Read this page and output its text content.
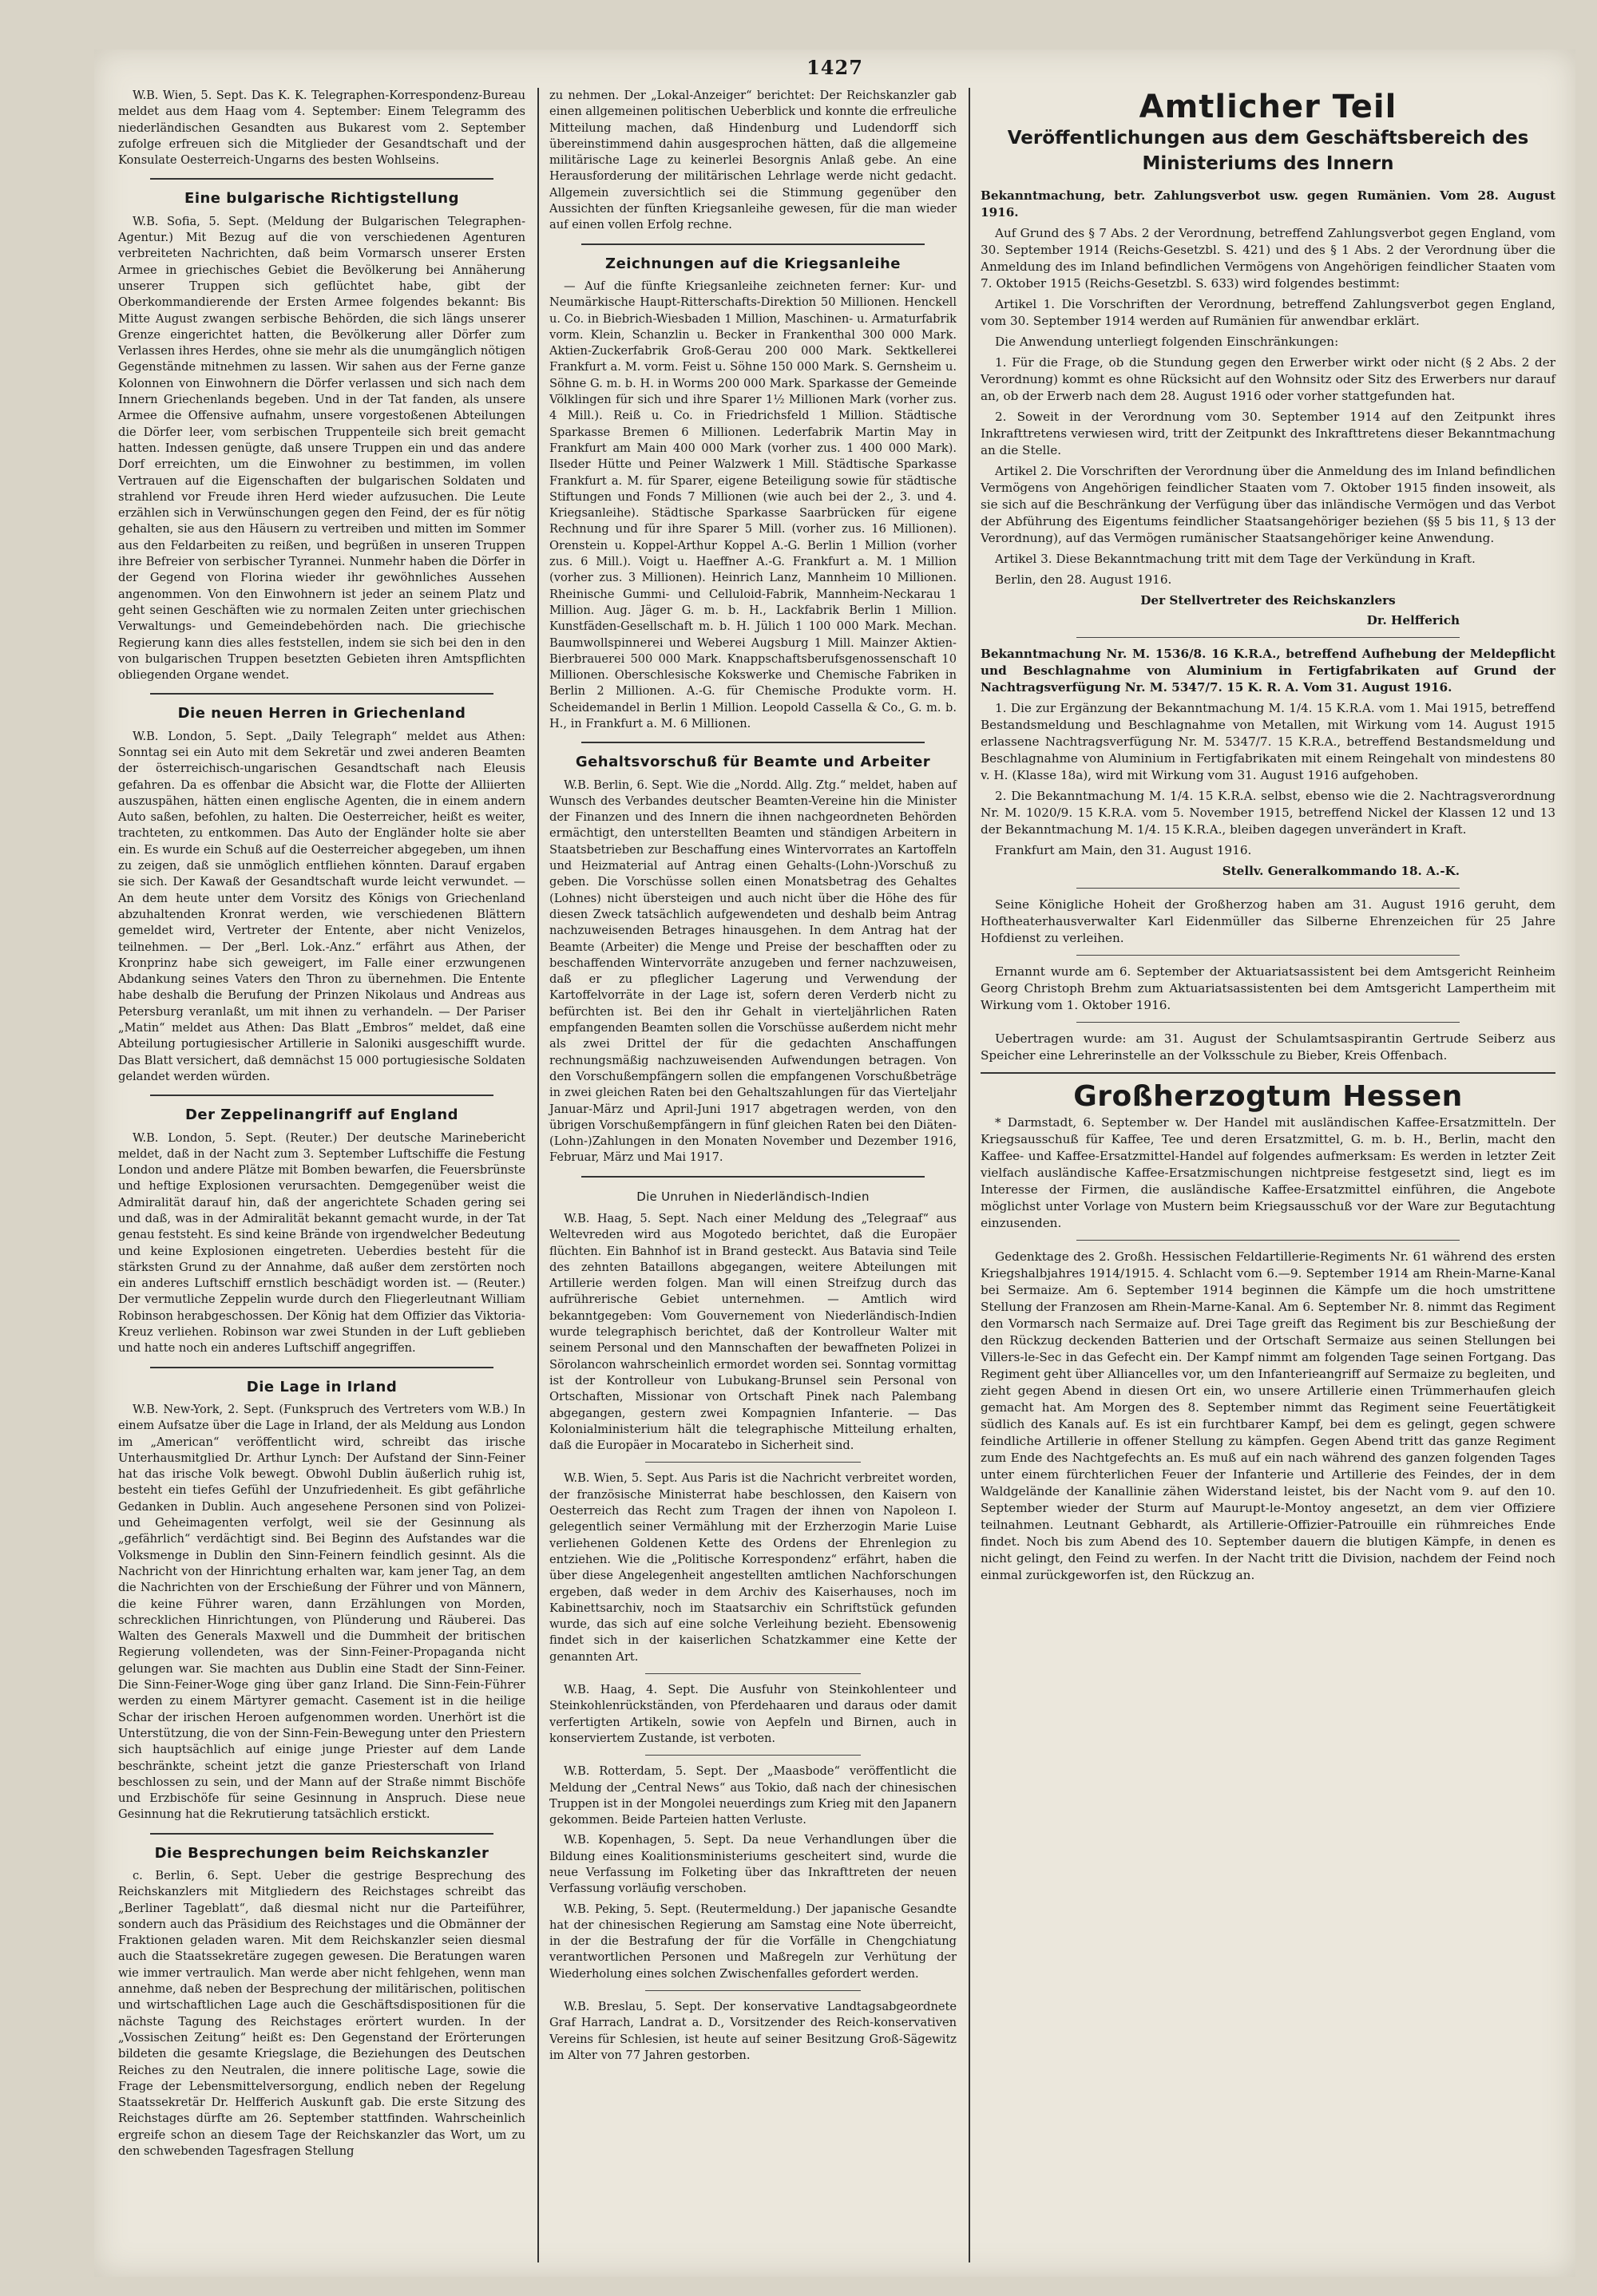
1427

W.B. Wien, 5. Sept. Das K. K. Telegraphen-Korrespondenz-Bureau meldet aus dem Haag vom 4. September: Einem Telegramm des niederländischen Gesandten aus Bukarest vom 2. September zufolge erfreuen sich die Mitglieder der Gesandtschaft und der Konsulate Oesterreich-Ungarns des besten Wohlseins.

Eine bulgarische Richtigstellung

W.B. Sofia, 5. Sept. (Meldung der Bulgarischen Telegraphen-Agentur.) Mit Bezug auf die von verschiedenen Agenturen verbreiteten Nachrichten, daß beim Vormarsch unserer Ersten Armee in griechisches Gebiet die Bevölkerung bei Annäherung unserer Truppen sich geflüchtet habe, gibt der Oberkommandierende der Ersten Armee folgendes bekannt: Bis Mitte August zwangen serbische Behörden, die sich längs unserer Grenze eingerichtet hatten, die Bevölkerung aller Dörfer zum Verlassen ihres Herdes, ohne sie mehr als die unumgänglich nötigen Gegenstände mitnehmen zu lassen. Wir sahen aus der Ferne ganze Kolonnen von Einwohnern die Dörfer verlassen und sich nach dem Innern Griechenlands begeben. Und in der Tat fanden, als unsere Armee die Offensive aufnahm, unsere vorgestoßenen Abteilungen die Dörfer leer, vom serbischen Truppenteile sich breit gemacht hatten. Indessen genügte, daß unsere Truppen ein und das andere Dorf erreichten, um die Einwohner zu bestimmen, im vollen Vertrauen auf die Eigenschaften der bulgarischen Soldaten und strahlend vor Freude ihren Herd wieder aufzusuchen. Die Leute erzählen sich in Verwünschungen gegen den Feind, der es für nötig gehalten, sie aus den Häusern zu vertreiben und mitten im Sommer aus den Feldarbeiten zu reißen, und begrüßen in unseren Truppen ihre Befreier von serbischer Tyrannei. Nunmehr haben die Dörfer in der Gegend von Florina wieder ihr gewöhnliches Aussehen angenommen. Von den Einwohnern ist jeder an seinem Platz und geht seinen Geschäften wie zu normalen Zeiten unter griechischen Verwaltungs- und Gemeindebehörden nach. Die griechische Regierung kann dies alles feststellen, indem sie sich bei den in den von bulgarischen Truppen besetzten Gebieten ihren Amtspflichten obliegenden Organe wendet.

Die neuen Herren in Griechenland

W.B. London, 5. Sept. „Daily Telegraph“ meldet aus Athen: Sonntag sei ein Auto mit dem Sekretär und zwei anderen Beamten der österreichisch-ungarischen Gesandtschaft nach Eleusis gefahren. Da es offenbar die Absicht war, die Flotte der Alliierten auszuspähen, hätten einen englische Agenten, die in einem andern Auto saßen, befohlen, zu halten. Die Oesterreicher, heißt es weiter, trachteten, zu entkommen. Das Auto der Engländer holte sie aber ein. Es wurde ein Schuß auf die Oesterreicher abgegeben, um ihnen zu zeigen, daß sie unmöglich entfliehen könnten. Darauf ergaben sie sich. Der Kawaß der Gesandtschaft wurde leicht verwundet. — An dem heute unter dem Vorsitz des Königs von Griechenland abzuhaltenden Kronrat werden, wie verschiedenen Blättern gemeldet wird, Vertreter der Entente, aber nicht Venizelos, teilnehmen. — Der „Berl. Lok.-Anz.“ erfährt aus Athen, der Kronprinz habe sich geweigert, im Falle einer erzwungenen Abdankung seines Vaters den Thron zu übernehmen. Die Entente habe deshalb die Berufung der Prinzen Nikolaus und Andreas aus Petersburg veranlaßt, um mit ihnen zu verhandeln. — Der Pariser „Matin“ meldet aus Athen: Das Blatt „Embros“ meldet, daß eine Abteilung portugiesischer Artillerie in Saloniki ausgeschifft wurde. Das Blatt versichert, daß demnächst 15 000 portugiesische Soldaten gelandet werden würden.

Der Zeppelinangriff auf England

W.B. London, 5. Sept. (Reuter.) Der deutsche Marinebericht meldet, daß in der Nacht zum 3. September Luftschiffe die Festung London und andere Plätze mit Bomben bewarfen, die Feuersbrünste und heftige Explosionen verursachten. Demgegenüber weist die Admiralität darauf hin, daß der angerichtete Schaden gering sei und daß, was in der Admiralität bekannt gemacht wurde, in der Tat genau feststeht. Es sind keine Brände von irgendwelcher Bedeutung und keine Explosionen eingetreten. Ueberdies besteht für die stärksten Grund zu der Annahme, daß außer dem zerstörten noch ein anderes Luftschiff ernstlich beschädigt worden ist. — (Reuter.) Der vermutliche Zeppelin wurde durch den Fliegerleutnant William Robinson herabgeschossen. Der König hat dem Offizier das Viktoria-Kreuz verliehen. Robinson war zwei Stunden in der Luft geblieben und hatte noch ein anderes Luftschiff angegriffen.

Die Lage in Irland

W.B. New-York, 2. Sept. (Funkspruch des Vertreters vom W.B.) In einem Aufsatze über die Lage in Irland, der als Meldung aus London im „American“ veröffentlicht wird, schreibt das irische Unterhausmitglied Dr. Arthur Lynch: Der Aufstand der Sinn-Feiner hat das irische Volk bewegt. Obwohl Dublin äußerlich ruhig ist, besteht ein tiefes Gefühl der Unzufriedenheit. Es gibt gefährliche Gedanken in Dublin. Auch angesehene Personen sind von Polizei- und Geheimagenten verfolgt, weil sie der Gesinnung als „gefährlich“ verdächtigt sind. Bei Beginn des Aufstandes war die Volksmenge in Dublin den Sinn-Feinern feindlich gesinnt. Als die Nachricht von der Hinrichtung erhalten war, kam jener Tag, an dem die Nachrichten von der Erschießung der Führer und von Männern, die keine Führer waren, dann Erzählungen von Morden, schrecklichen Hinrichtungen, von Plünderung und Räuberei. Das Walten des Generals Maxwell und die Dummheit der britischen Regierung vollendeten, was der Sinn-Feiner-Propaganda nicht gelungen war. Sie machten aus Dublin eine Stadt der Sinn-Feiner. Die Sinn-Feiner-Woge ging über ganz Irland. Die Sinn-Fein-Führer werden zu einem Märtyrer gemacht. Casement ist in die heilige Schar der irischen Heroen aufgenommen worden. Unerhört ist die Unterstützung, die von der Sinn-Fein-Bewegung unter den Priestern sich hauptsächlich auf einige junge Priester auf dem Lande beschränkte, scheint jetzt die ganze Priesterschaft von Irland beschlossen zu sein, und der Mann auf der Straße nimmt Bischöfe und Erzbischöfe für seine Gesinnung in Anspruch. Diese neue Gesinnung hat die Rekrutierung tatsächlich erstickt.

Die Besprechungen beim Reichskanzler

c. Berlin, 6. Sept. Ueber die gestrige Besprechung des Reichskanzlers mit Mitgliedern des Reichstages schreibt das „Berliner Tageblatt“, daß diesmal nicht nur die Parteiführer, sondern auch das Präsidium des Reichstages und die Obmänner der Fraktionen geladen waren. Mit dem Reichskanzler seien diesmal auch die Staatssekretäre zugegen gewesen. Die Beratungen waren wie immer vertraulich. Man werde aber nicht fehlgehen, wenn man annehme, daß neben der Besprechung der militärischen, politischen und wirtschaftlichen Lage auch die Geschäftsdispositionen für die nächste Tagung des Reichstages erörtert wurden. In der „Vossischen Zeitung“ heißt es: Den Gegenstand der Erörterungen bildeten die gesamte Kriegslage, die Beziehungen des Deutschen Reiches zu den Neutralen, die innere politische Lage, sowie die Frage der Lebensmittelversorgung, endlich neben der Regelung Staatssekretär Dr. Helfferich Auskunft gab. Die erste Sitzung des Reichstages dürfte am 26. September stattfinden. Wahrscheinlich ergreife schon an diesem Tage der Reichskanzler das Wort, um zu den schwebenden Tagesfragen Stellung

zu nehmen. Der „Lokal-Anzeiger“ berichtet: Der Reichskanzler gab einen allgemeinen politischen Ueberblick und konnte die erfreuliche Mitteilung machen, daß Hindenburg und Ludendorff sich übereinstimmend dahin ausgesprochen hätten, daß die allgemeine militärische Lage zu keinerlei Besorgnis Anlaß gebe. An eine Herausforderung der militärischen Lehrlage werde nicht gedacht. Allgemein zuversichtlich sei die Stimmung gegenüber den Aussichten der fünften Kriegsanleihe gewesen, für die man wieder auf einen vollen Erfolg rechne.

Zeichnungen auf die Kriegsanleihe

— Auf die fünfte Kriegsanleihe zeichneten ferner: Kur- und Neumärkische Haupt-Ritterschafts-Direktion 50 Millionen. Henckell u. Co. in Biebrich-Wiesbaden 1 Million, Maschinen- u. Armaturfabrik vorm. Klein, Schanzlin u. Becker in Frankenthal 300 000 Mark. Aktien-Zuckerfabrik Groß-Gerau 200 000 Mark. Sektkellerei Frankfurt a. M. vorm. Feist u. Söhne 150 000 Mark. S. Gernsheim u. Söhne G. m. b. H. in Worms 200 000 Mark. Sparkasse der Gemeinde Völklingen für sich und ihre Sparer 1½ Millionen Mark (vorher zus. 4 Mill.). Reiß u. Co. in Friedrichsfeld 1 Million. Städtische Sparkasse Bremen 6 Millionen. Lederfabrik Martin May in Frankfurt am Main 400 000 Mark (vorher zus. 1 400 000 Mark). Ilseder Hütte und Peiner Walzwerk 1 Mill. Städtische Sparkasse Frankfurt a. M. für Sparer, eigene Beteiligung sowie für städtische Stiftungen und Fonds 7 Millionen (wie auch bei der 2., 3. und 4. Kriegsanleihe). Städtische Sparkasse Saarbrücken für eigene Rechnung und für ihre Sparer 5 Mill. (vorher zus. 16 Millionen). Orenstein u. Koppel-Arthur Koppel A.-G. Berlin 1 Million (vorher zus. 6 Mill.). Voigt u. Haeffner A.-G. Frankfurt a. M. 1 Million (vorher zus. 3 Millionen). Heinrich Lanz, Mannheim 10 Millionen. Rheinische Gummi- und Celluloid-Fabrik, Mannheim-Neckarau 1 Million. Aug. Jäger G. m. b. H., Lackfabrik Berlin 1 Million. Kunstfäden-Gesellschaft m. b. H. Jülich 1 100 000 Mark. Mechan. Baumwollspinnerei und Weberei Augsburg 1 Mill. Mainzer Aktien-Bierbrauerei 500 000 Mark. Knappschaftsberufsgenossenschaft 10 Millionen. Oberschlesische Kokswerke und Chemische Fabriken in Berlin 2 Millionen. A.-G. für Chemische Produkte vorm. H. Scheidemandel in Berlin 1 Million. Leopold Cassella & Co., G. m. b. H., in Frankfurt a. M. 6 Millionen.

Gehaltsvorschuß für Beamte und Arbeiter

W.B. Berlin, 6. Sept. Wie die „Nordd. Allg. Ztg.“ meldet, haben auf Wunsch des Verbandes deutscher Beamten-Vereine hin die Minister der Finanzen und des Innern die ihnen nachgeordneten Behörden ermächtigt, den unterstellten Beamten und ständigen Arbeitern in Staatsbetrieben zur Beschaffung eines Wintervorrates an Kartoffeln und Heizmaterial auf Antrag einen Gehalts-(Lohn-)Vorschuß zu geben. Die Vorschüsse sollen einen Monatsbetrag des Gehaltes (Lohnes) nicht übersteigen und auch nicht über die Höhe des für diesen Zweck tatsächlich aufgewendeten und deshalb beim Antrag nachzuweisenden Betrages hinausgehen. In dem Antrag hat der Beamte (Arbeiter) die Menge und Preise der beschafften oder zu beschaffenden Wintervorräte anzugeben und ferner nachzuweisen, daß er zu pfleglicher Lagerung und Verwendung der Kartoffelvorräte in der Lage ist, sofern deren Verderb nicht zu befürchten ist. Bei den ihr Gehalt in vierteljährlichen Raten empfangenden Beamten sollen die Vorschüsse außerdem nicht mehr als zwei Drittel der für die gedachten Anschaffungen rechnungsmäßig nachzuweisenden Aufwendungen betragen. Von den Vorschußempfängern sollen die empfangenen Vorschußbeträge in zwei gleichen Raten bei den Gehaltszahlungen für das Vierteljahr Januar-März und April-Juni 1917 abgetragen werden, von den übrigen Vorschußempfängern in fünf gleichen Raten bei den Diäten-(Lohn-)Zahlungen in den Monaten November und Dezember 1916, Februar, März und Mai 1917.

Die Unruhen in Niederländisch-Indien

W.B. Haag, 5. Sept. Nach einer Meldung des „Telegraaf“ aus Weltevreden wird aus Mogotedo berichtet, daß die Europäer flüchten. Ein Bahnhof ist in Brand gesteckt. Aus Batavia sind Teile des zehnten Bataillons abgegangen, weitere Abteilungen mit Artillerie werden folgen. Man will einen Streifzug durch das aufrührerische Gebiet unternehmen. — Amtlich wird bekanntgegeben: Vom Gouvernement von Niederländisch-Indien wurde telegraphisch berichtet, daß der Kontrolleur Walter mit seinem Personal und den Mannschaften der bewaffneten Polizei in Sörolancon wahrscheinlich ermordet worden sei. Sonntag vormittag ist der Kontrolleur von Lubukang-Brunsel sein Personal von Ortschaften, Missionar von Ortschaft Pinek nach Palembang abgegangen, gestern zwei Kompagnien Infanterie. — Das Kolonialministerium hält die telegraphische Mitteilung erhalten, daß die Europäer in Mocaratebo in Sicherheit sind.

W.B. Wien, 5. Sept. Aus Paris ist die Nachricht verbreitet worden, der französische Ministerrat habe beschlossen, den Kaisern von Oesterreich das Recht zum Tragen der ihnen von Napoleon I. gelegentlich seiner Vermählung mit der Erzherzogin Marie Luise verliehenen Goldenen Kette des Ordens der Ehrenlegion zu entziehen. Wie die „Politische Korrespondenz“ erfährt, haben die über diese Angelegenheit angestellten amtlichen Nachforschungen ergeben, daß weder in dem Archiv des Kaiserhauses, noch im Kabinettsarchiv, noch im Staatsarchiv ein Schriftstück gefunden wurde, das sich auf eine solche Verleihung bezieht. Ebensowenig findet sich in der kaiserlichen Schatzkammer eine Kette der genannten Art.

W.B. Haag, 4. Sept. Die Ausfuhr von Steinkohlenteer und Steinkohlenrückständen, von Pferdehaaren und daraus oder damit verfertigten Artikeln, sowie von Aepfeln und Birnen, auch in konserviertem Zustande, ist verboten.

W.B. Rotterdam, 5. Sept. Der „Maasbode“ veröffentlicht die Meldung der „Central News“ aus Tokio, daß nach der chinesischen Truppen ist in der Mongolei neuerdings zum Krieg mit den Japanern gekommen. Beide Parteien hatten Verluste.

W.B. Kopenhagen, 5. Sept. Da neue Verhandlungen über die Bildung eines Koalitionsministeriums gescheitert sind, wurde die neue Verfassung im Folketing über das Inkrafttreten der neuen Verfassung vorläufig verschoben.

W.B. Peking, 5. Sept. (Reutermeldung.) Der japanische Gesandte hat der chinesischen Regierung am Samstag eine Note überreicht, in der die Bestrafung der für die Vorfälle in Chengchiatung verantwortlichen Personen und Maßregeln zur Verhütung der Wiederholung eines solchen Zwischenfalles gefordert werden.

W.B. Breslau, 5. Sept. Der konservative Landtagsabgeordnete Graf Harrach, Landrat a. D., Vorsitzender des Reich-konservativen Vereins für Schlesien, ist heute auf seiner Besitzung Groß-Sägewitz im Alter von 77 Jahren gestorben.

Amtlicher Teil
Veröffentlichungen aus dem Geschäftsbereich des Ministeriums des Innern

Bekanntmachung, betr. Zahlungsverbot usw. gegen Rumänien. Vom 28. August 1916.

Auf Grund des § 7 Abs. 2 der Verordnung, betreffend Zahlungsverbot gegen England, vom 30. September 1914 (Reichs-Gesetzbl. S. 421) und des § 1 Abs. 2 der Verordnung über die Anmeldung des im Inland befindlichen Vermögens von Angehörigen feindlicher Staaten vom 7. Oktober 1915 (Reichs-Gesetzbl. S. 633) wird folgendes bestimmt:

Artikel 1. Die Vorschriften der Verordnung, betreffend Zahlungsverbot gegen England, vom 30. September 1914 werden auf Rumänien für anwendbar erklärt.

Die Anwendung unterliegt folgenden Einschränkungen:

1. Für die Frage, ob die Stundung gegen den Erwerber wirkt oder nicht (§ 2 Abs. 2 der Verordnung) kommt es ohne Rücksicht auf den Wohnsitz oder Sitz des Erwerbers nur darauf an, ob der Erwerb nach dem 28. August 1916 oder vorher stattgefunden hat.

2. Soweit in der Verordnung vom 30. September 1914 auf den Zeitpunkt ihres Inkrafttretens verwiesen wird, tritt der Zeitpunkt des Inkrafttretens dieser Bekanntmachung an die Stelle.

Artikel 2. Die Vorschriften der Verordnung über die Anmeldung des im Inland befindlichen Vermögens von Angehörigen feindlicher Staaten vom 7. Oktober 1915 finden insoweit, als sie sich auf die Beschränkung der Verfügung über das inländische Vermögen und das Verbot der Abführung des Eigentums feindlicher Staatsangehöriger beziehen (§§ 5 bis 11, § 13 der Verordnung), auf das Vermögen rumänischer Staatsangehöriger keine Anwendung.

Artikel 3. Diese Bekanntmachung tritt mit dem Tage der Verkündung in Kraft.

Berlin, den 28. August 1916.

Der Stellvertreter des Reichskanzlers

Dr. Helfferich

Bekanntmachung Nr. M. 1536/8. 16 K.R.A., betreffend Aufhebung der Meldepflicht und Beschlagnahme von Aluminium in Fertigfabrikaten auf Grund der Nachtragsverfügung Nr. M. 5347/7. 15 K. R. A. Vom 31. August 1916.

1. Die zur Ergänzung der Bekanntmachung M. 1/4. 15 K.R.A. vom 1. Mai 1915, betreffend Bestandsmeldung und Beschlagnahme von Metallen, mit Wirkung vom 14. August 1915 erlassene Nachtragsverfügung Nr. M. 5347/7. 15 K.R.A., betreffend Bestandsmeldung und Beschlagnahme von Aluminium in Fertigfabrikaten mit einem Reingehalt von mindestens 80 v. H. (Klasse 18a), wird mit Wirkung vom 31. August 1916 aufgehoben.

2. Die Bekanntmachung M. 1/4. 15 K.R.A. selbst, ebenso wie die 2. Nachtragsverordnung Nr. M. 1020/9. 15 K.R.A. vom 5. November 1915, betreffend Nickel der Klassen 12 und 13 der Bekanntmachung M. 1/4. 15 K.R.A., bleiben dagegen unverändert in Kraft.

Frankfurt am Main, den 31. August 1916.

Stellv. Generalkommando 18. A.-K.

Seine Königliche Hoheit der Großherzog haben am 31. August 1916 geruht, dem Hoftheaterhausverwalter Karl Eidenmüller das Silberne Ehrenzeichen für 25 Jahre Hofdienst zu verleihen.

Ernannt wurde am 6. September der Aktuariatsassistent bei dem Amtsgericht Reinheim Georg Christoph Brehm zum Aktuariatsassistenten bei dem Amtsgericht Lampertheim mit Wirkung vom 1. Oktober 1916.

Uebertragen wurde: am 31. August der Schulamtsaspirantin Gertrude Seiberz aus Speicher eine Lehrerinstelle an der Volksschule zu Bieber, Kreis Offenbach.

Großherzogtum Hessen

* Darmstadt, 6. September w. Der Handel mit ausländischen Kaffee-Ersatzmitteln. Der Kriegsausschuß für Kaffee, Tee und deren Ersatzmittel, G. m. b. H., Berlin, macht den Kaffee- und Kaffee-Ersatzmittel-Handel auf folgendes aufmerksam: Es werden in letzter Zeit vielfach ausländische Kaffee-Ersatzmischungen nichtpreise festgesetzt sind, liegt es im Interesse der Firmen, die ausländische Kaffee-Ersatzmittel einführen, die Angebote möglichst unter Vorlage von Mustern beim Kriegsausschuß vor der Ware zur Begutachtung einzusenden.

Gedenktage des 2. Großh. Hessischen Feldartillerie-Regiments Nr. 61 während des ersten Kriegshalbjahres 1914/1915. 4. Schlacht vom 6.—9. September 1914 am Rhein-Marne-Kanal bei Sermaize. Am 6. September 1914 beginnen die Kämpfe um die hoch umstrittene Stellung der Franzosen am Rhein-Marne-Kanal. Am 6. September Nr. 8. nimmt das Regiment den Vormarsch nach Sermaize auf. Drei Tage greift das Regiment bis zur Beschießung der den Rückzug deckenden Batterien und der Ortschaft Sermaize aus seinen Stellungen bei Villers-le-Sec in das Gefecht ein. Der Kampf nimmt am folgenden Tage seinen Fortgang. Das Regiment geht über Alliancelles vor, um den Infanterieangriff auf Sermaize zu begleiten, und zieht gegen Abend in diesen Ort ein, wo unsere Artillerie einen Trümmerhaufen gleich gemacht hat. Am Morgen des 8. September nimmt das Regiment seine Feuertätigkeit südlich des Kanals auf. Es ist ein furchtbarer Kampf, bei dem es gelingt, gegen schwere feindliche Artillerie in offener Stellung zu kämpfen. Gegen Abend tritt das ganze Regiment zum Ende des Nachtgefechts an. Es muß auf ein nach während des ganzen folgenden Tages unter einem fürchterlichen Feuer der Infanterie und Artillerie des Feindes, der in dem Waldgelände der Kanallinie zähen Widerstand leistet, bis der Nacht vom 9. auf den 10. September wieder der Sturm auf Maurupt-le-Montoy angesetzt, an dem vier Offiziere teilnahmen. Leutnant Gebhardt, als Artillerie-Offizier-Patrouille ein rühmreiches Ende findet. Noch bis zum Abend des 10. September dauern die blutigen Kämpfe, in denen es nicht gelingt, den Feind zu werfen. In der Nacht tritt die Division, nachdem der Feind noch einmal zurückgeworfen ist, den Rückzug an.
